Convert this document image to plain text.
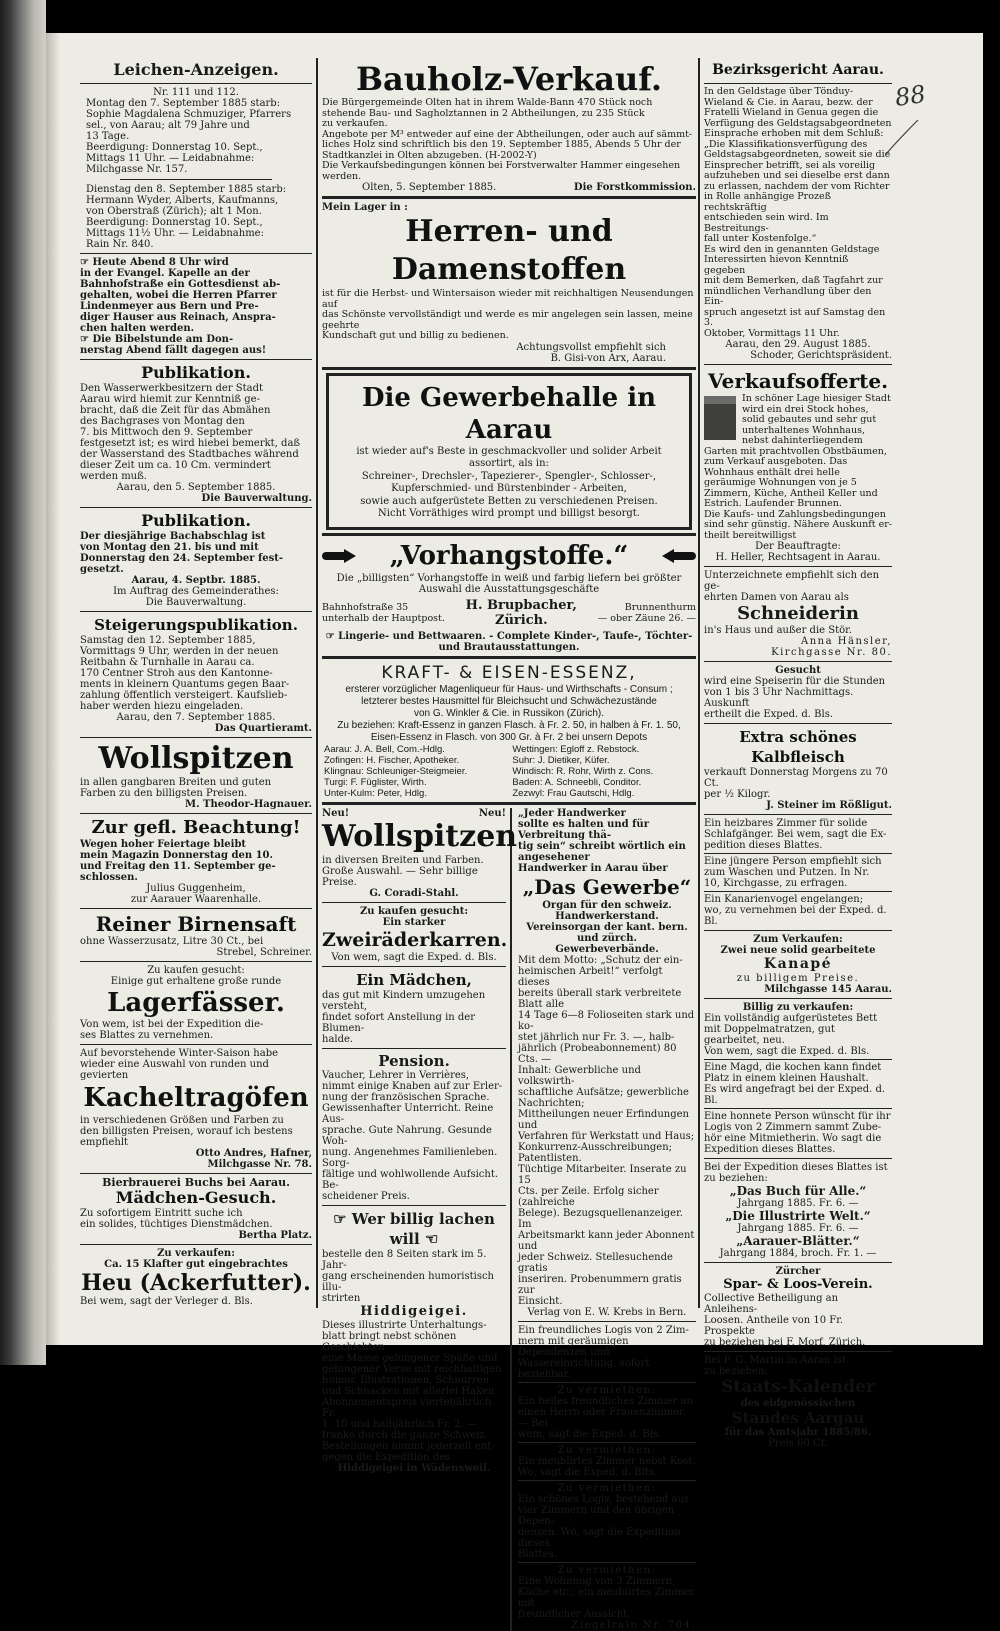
88
Leichen-Anzeigen.
Nr. 111 und 112.
Montag den 7. September 1885 starb:
Sophie Magdalena Schmuziger, Pfarrers
sel., von Aarau; alt 79 Jahre und
13 Tage.
Beerdigung: Donnerstag 10. Sept.,
Mittags 11 Uhr. — Leidabnahme:
Milchgasse Nr. 157.
Dienstag den 8. September 1885 starb:
Hermann Wyder, Alberts, Kaufmanns,
von Oberstraß (Zürich); alt 1 Mon.
Beerdigung: Donnerstag 10. Sept.,
Mittags 11½ Uhr. — Leidabnahme:
Rain Nr. 840.
☞ Heute Abend 8 Uhr wird
in der Evangel. Kapelle an der
Bahnhofstraße ein Gottesdienst ab-
gehalten, wobei die Herren Pfarrer
Lindenmeyer aus Bern und Pre-
diger Hauser aus Reinach, Anspra-
chen halten werden.
☞ Die Bibelstunde am Don-
nerstag Abend fällt dagegen aus!
Publikation.
Den Wasserwerkbesitzern der Stadt
Aarau wird hiemit zur Kenntniß ge-
bracht, daß die Zeit für das Abmähen
des Bachgrases von Montag den
7. bis Mittwoch den 9. September
festgesetzt ist; es wird hiebei bemerkt, daß
der Wasserstand des Stadtbaches während
dieser Zeit um ca. 10 Cm. vermindert
werden muß.
Aarau, den 5. September 1885.
Die Bauverwaltung.
Publikation.
Der diesjährige Bachabschlag ist
von Montag den 21. bis und mit
Donnerstag den 24. September fest-
gesetzt.
Aarau, 4. Septbr. 1885.
Im Auftrag des Gemeinderathes:
Die Bauverwaltung.
Steigerungspublikation.
Samstag den 12. September 1885,
Vormittags 9 Uhr, werden in der neuen
Reitbahn & Turnhalle in Aarau ca.
170 Centner Stroh aus den Kantonne-
ments in kleinern Quantums gegen Baar-
zahlung öffentlich versteigert. Kaufslieb-
haber werden hiezu eingeladen.
Aarau, den 7. September 1885.
Das Quartieramt.
Wollspitzen
in allen gangbaren Breiten und guten
Farben zu den billigsten Preisen.
M. Theodor-Hagnauer.
Zur gefl. Beachtung!
Wegen hoher Feiertage bleibt
mein Magazin Donnerstag den 10.
und Freitag den 11. September ge-
schlossen.
Julius Guggenheim,
zur Aarauer Waarenhalle.
Reiner Birnensaft
ohne Wasserzusatz, Litre 30 Ct., bei
Strebel, Schreiner.
Zu kaufen gesucht:
Einige gut erhaltene große runde
Lagerfässer.
Von wem, ist bei der Expedition die-
ses Blattes zu vernehmen.
Auf bevorstehende Winter-Saison habe
wieder eine Auswahl von runden und
gevierten
Kacheltragöfen
in verschiedenen Größen und Farben zu
den billigsten Preisen, worauf ich bestens
empfiehlt
Otto Andres, Hafner,
Milchgasse Nr. 78.
Bierbrauerei Buchs bei Aarau.
Mädchen-Gesuch.
Zu sofortigem Eintritt suche ich
ein solides, tüchtiges Dienstmädchen.
Bertha Platz.
Zu verkaufen:
Ca. 15 Klafter gut eingebrachtes
Heu (Ackerfutter).
Bei wem, sagt der Verleger d. Bls.
Bauholz-Verkauf.
Die Bürgergemeinde Olten hat in ihrem Walde-Bann 470 Stück noch
stehende Bau- und Sagholztannen in 2 Abtheilungen, zu 235 Stück
zu verkaufen.
Angebote per M³ entweder auf eine der Abtheilungen, oder auch auf sämmt-
liches Holz sind schriftlich bis den 19. September 1885, Abends 5 Uhr der
Stadtkanzlei in Olten abzugeben. (H-2002-Y)
Die Verkaufsbedingungen können bei Forstverwalter Hammer eingesehen werden.
Olten, 5. September 1885.	Die Forstkommission.
Mein Lager in :
Herren- und Damenstoffen
ist für die Herbst- und Wintersaison wieder mit reichhaltigen Neusendungen auf
das Schönste vervollständigt und werde es mir angelegen sein lassen, meine geehrte
Kundschaft gut und billig zu bedienen.
Achtungsvollst empfiehlt sich
B. Gisi-von Arx, Aarau.
Die Gewerbehalle in Aarau
ist wieder auf's Beste in geschmackvoller und solider Arbeit assortirt, als in:
Schreiner-, Drechsler-, Tapezierer-, Spengler-, Schlosser-,
Kupferschmied- und Bürstenbinder - Arbeiten,
sowie auch aufgerüstete Betten zu verschiedenen Preisen.
Nicht Vorräthiges wird prompt und billigst besorgt.
„Vorhangstoffe.“
Die „billigsten“ Vorhangstoffe in weiß und farbig liefern bei größter
Auswahl die Ausstattungsgeschäfte
Bahnhofstraße 35
unterhalb der Hauptpost.
H. Brupbacher,
Zürich.
Brunnenthurm
— ober Zäune 26. —
☞ Lingerie- und Bettwaaren. - Complete Kinder-, Taufe-, Töchter-
und Brautausstattungen.
KRAFT- & EISEN-ESSENZ,
ersterer vorzüglicher Magenliqueur für Haus- und Wirthschafts - Consum ;
letzterer bestes Hausmittel für Bleichsucht und Schwächezustände
von G. Winkler & Cie. in Russikon (Zürich).
Zu beziehen: Kraft-Essenz in ganzen Flasch. à Fr. 2. 50, in halben à Fr. 1. 50,
Eisen-Essenz in Flasch. von 300 Gr. à Fr. 2 bei unsern Depots
Aarau: J. A. Bell, Com.-Hdlg.	Wettingen: Egloff z. Rebstock.
Zofingen: H. Fischer, Apotheker.	Suhr: J. Dietiker, Küfer.
Klingnau: Schleuniger-Steigmeier.	Windisch: R. Rohr, Wirth z. Cons.
Turgi: F. Füglister, Wirth.	Baden: A. Schneebli, Conditor.
Unter-Kulm: Peter, Hdlg.	Zezwyl: Frau Gautschi, Hdlg.
Neu!	Neu!
Wollspitzen
in diversen Breiten und Farben.
Große Auswahl. — Sehr billige
Preise.
G. Coradi-Stahl.
Zu kaufen gesucht:
Ein starker
Zweiräderkarren.
Von wem, sagt die Exped. d. Bls.
Ein Mädchen,
das gut mit Kindern umzugehen versteht,
findet sofort Anstellung in der Blumen-
halde.
Pension.
Vaucher, Lehrer in Verrières,
nimmt einige Knaben auf zur Erler-
nung der französischen Sprache.
Gewissenhafter Unterricht. Reine Aus-
sprache. Gute Nahrung. Gesunde Woh-
nung. Angenehmes Familienleben. Sorg-
fältige und wohlwollende Aufsicht. Be-
scheidener Preis.
☞ Wer billig lachen will ☜
bestelle den 8 Seiten stark im 5. Jahr-
gang erscheinenden humoristisch illu-
strirten
Hiddigeigei.
Dieses illustrirte Unterhaltungs-
blatt bringt nebst schönen Geschichten
eine Masse gelungener Späße und
gelungener Verse mit reichhaltigen
humor. Illustrationen, Schnurren
und Schnacken mit allerlei Haken.
Abonnementspreis vierteljährlich Fr.
1. 10 und halbjährlich Fr. 2. —
franko durch die ganze Schweiz.
Bestellungen nimmt jederzeit ent-
gegen die Expedition des
Hiddigeigei in Wädensweil.
„Jeder Handwerker
sollte es halten und für Verbreitung thä-
tig sein“ schreibt wörtlich ein angesehener
Handwerker in Aarau über
„Das Gewerbe“
Organ für den schweiz. Handwerkerstand.
Vereinsorgan der kant. bern. und zürch.
Gewerbeverbände.
Mit dem Motto: „Schutz der ein-
heimischen Arbeit!“ verfolgt dieses
bereits überall stark verbreitete Blatt alle
14 Tage 6—8 Folioseiten stark und ko-
stet jährlich nur Fr. 3. —, halb-
jährlich (Probeabonnement) 80 Cts. —
Inhalt: Gewerbliche und volkswirth-
schaftliche Aufsätze; gewerbliche Nachrichten;
Mittheilungen neuer Erfindungen und
Verfahren für Werkstatt und Haus;
Konkurrenz-Ausschreibungen; Patentlisten.
Tüchtige Mitarbeiter. Inserate zu 15
Cts. per Zeile. Erfolg sicher (zahlreiche
Belege). Bezugsquellenanzeiger. Im
Arbeitsmarkt kann jeder Abonnent und
jeder Schweiz. Stellesuchende gratis
inseriren. Probenummern gratis zur
Einsicht.
Verlag von E. W. Krebs in Bern.
Ein freundliches Logis von 2 Zim-
mern mit geräumigen Dependenzen und
Wassereinrichtung, sofort beziehbar.
Zu vermiethen:
Ein helles freundliches Zimmer an
einen Herrn oder Frauenzimmer. — Bei
wem, sagt die Exped. d. Bls.
Zu vermiethen:
Ein meublirtes Zimmer nebst Kost.
Wo, sagt die Exped. d. Blts.
Zu vermiethen:
Ein schönes Logis, bestehend aus
vier Zimmern und den übrigen Depen-
denzen. Wo, sagt die Expedition dieses
Blattes.
Zu vermiethen:
Eine Wohnung von 3 Zimmern,
Küche etc.; ein meublirtes Zimmer mit
freundlicher Aussicht.
Ziegelrain Nr. 704.
Bezirksgericht Aarau.
In den Geldstage über Tönduy-
Wieland & Cie. in Aarau, bezw. der
Fratelli Wieland in Genua gegen die
Verfügung des Geldstagsabgeordneten
Einsprache erhoben mit dem Schluß:
„Die Klassifikationsverfügung des
Geldstagsabgeordneten, soweit sie die
Einsprecher betrifft, sei als voreilig
aufzuheben und sei dieselbe erst dann
zu erlassen, nachdem der vom Richter
in Rolle anhängige Prozeß rechtskräftig
entschieden sein wird. Im Bestreitungs-
fall unter Kostenfolge.“
Es wird den in genannten Geldstage
Interessirten hievon Kenntniß gegeben
mit dem Bemerken, daß Tagfahrt zur
mündlichen Verhandlung über den Ein-
spruch angesetzt ist auf Samstag den 3.
Oktober, Vormittags 11 Uhr.
Aarau, den 29. August 1885.
Schoder, Gerichtspräsident.
Verkaufsofferte.
In schöner Lage hiesiger Stadt wird ein drei Stock hohes, solid gebautes und sehr gut unterhaltenes Wohnhaus, nebst dahinterliegendem Garten mit prachtvollen Obstbäumen, zum Verkauf ausgeboten. Das Wohnhaus enthält drei helle geräumige Wohnungen von je 5 Zimmern, Küche, Antheil Keller und Estrich. Laufender Brunnen.
Die Kaufs- und Zahlungsbedingungen sind sehr günstig. Nähere Auskunft er-
theilt bereitwilligst
Der Beauftragte:
H. Heller, Rechtsagent in Aarau.
Unterzeichnete empfiehlt sich den ge-
ehrten Damen von Aarau als
Schneiderin
in's Haus und außer die Stör.
Anna Hänsler,
Kirchgasse Nr. 80.
Gesucht
wird eine Speiserin für die Stunden
von 1 bis 3 Uhr Nachmittags. Auskunft
ertheilt die Exped. d. Bls.
Extra schönes Kalbfleisch
verkauft Donnerstag Morgens zu 70 Ct.
per ½ Kilogr.
J. Steiner im Rößligut.
Ein heizbares Zimmer für solide
Schlafgänger. Bei wem, sagt die Ex-
pedition dieses Blattes.
Eine jüngere Person empfiehlt sich
zum Waschen und Putzen. In Nr.
10, Kirchgasse, zu erfragen.
Ein Kanarienvogel engelangen;
wo, zu vernehmen bei der Exped. d. Bl.
Zum Verkaufen:
Zwei neue solid gearbeitete
Kanapé
zu billigem Preise.
Milchgasse 145 Aarau.
Billig zu verkaufen:
Ein vollständig aufgerüstetes Bett
mit Doppelmatratzen, gut gearbeitet, neu.
Von wem, sagt die Exped. d. Bls.
Eine Magd, die kochen kann findet
Platz in einem kleinen Haushalt.
Es wird angefragt bei der Exped. d. Bl.
Eine honnete Person wünscht für ihr
Logis von 2 Zimmern sammt Zube-
hör eine Mitmietherin. Wo sagt die
Expedition dieses Blattes.
Bei der Expedition dieses Blattes ist
zu beziehen:
„Das Buch für Alle.“
Jahrgang 1885. Fr. 6. —
„Die Illustrirte Welt.“
Jahrgang 1885. Fr. 6. —
„Aarauer-Blätter.“
Jahrgang 1884, broch. Fr. 1. —
Zürcher
Spar- & Loos-Verein.
Collective Betheiligung an Anleihens-
Loosen. Antheile von 10 Fr. Prospekte
zu beziehen bei F. Morf, Zürich.
Bei F. G. Martin in Aarau ist
zu beziehen:
Staats-Kalender
des eidgenössischen
Standes Aargau
für das Amtsjahr 1885/86.
Preis 60 Ct.
